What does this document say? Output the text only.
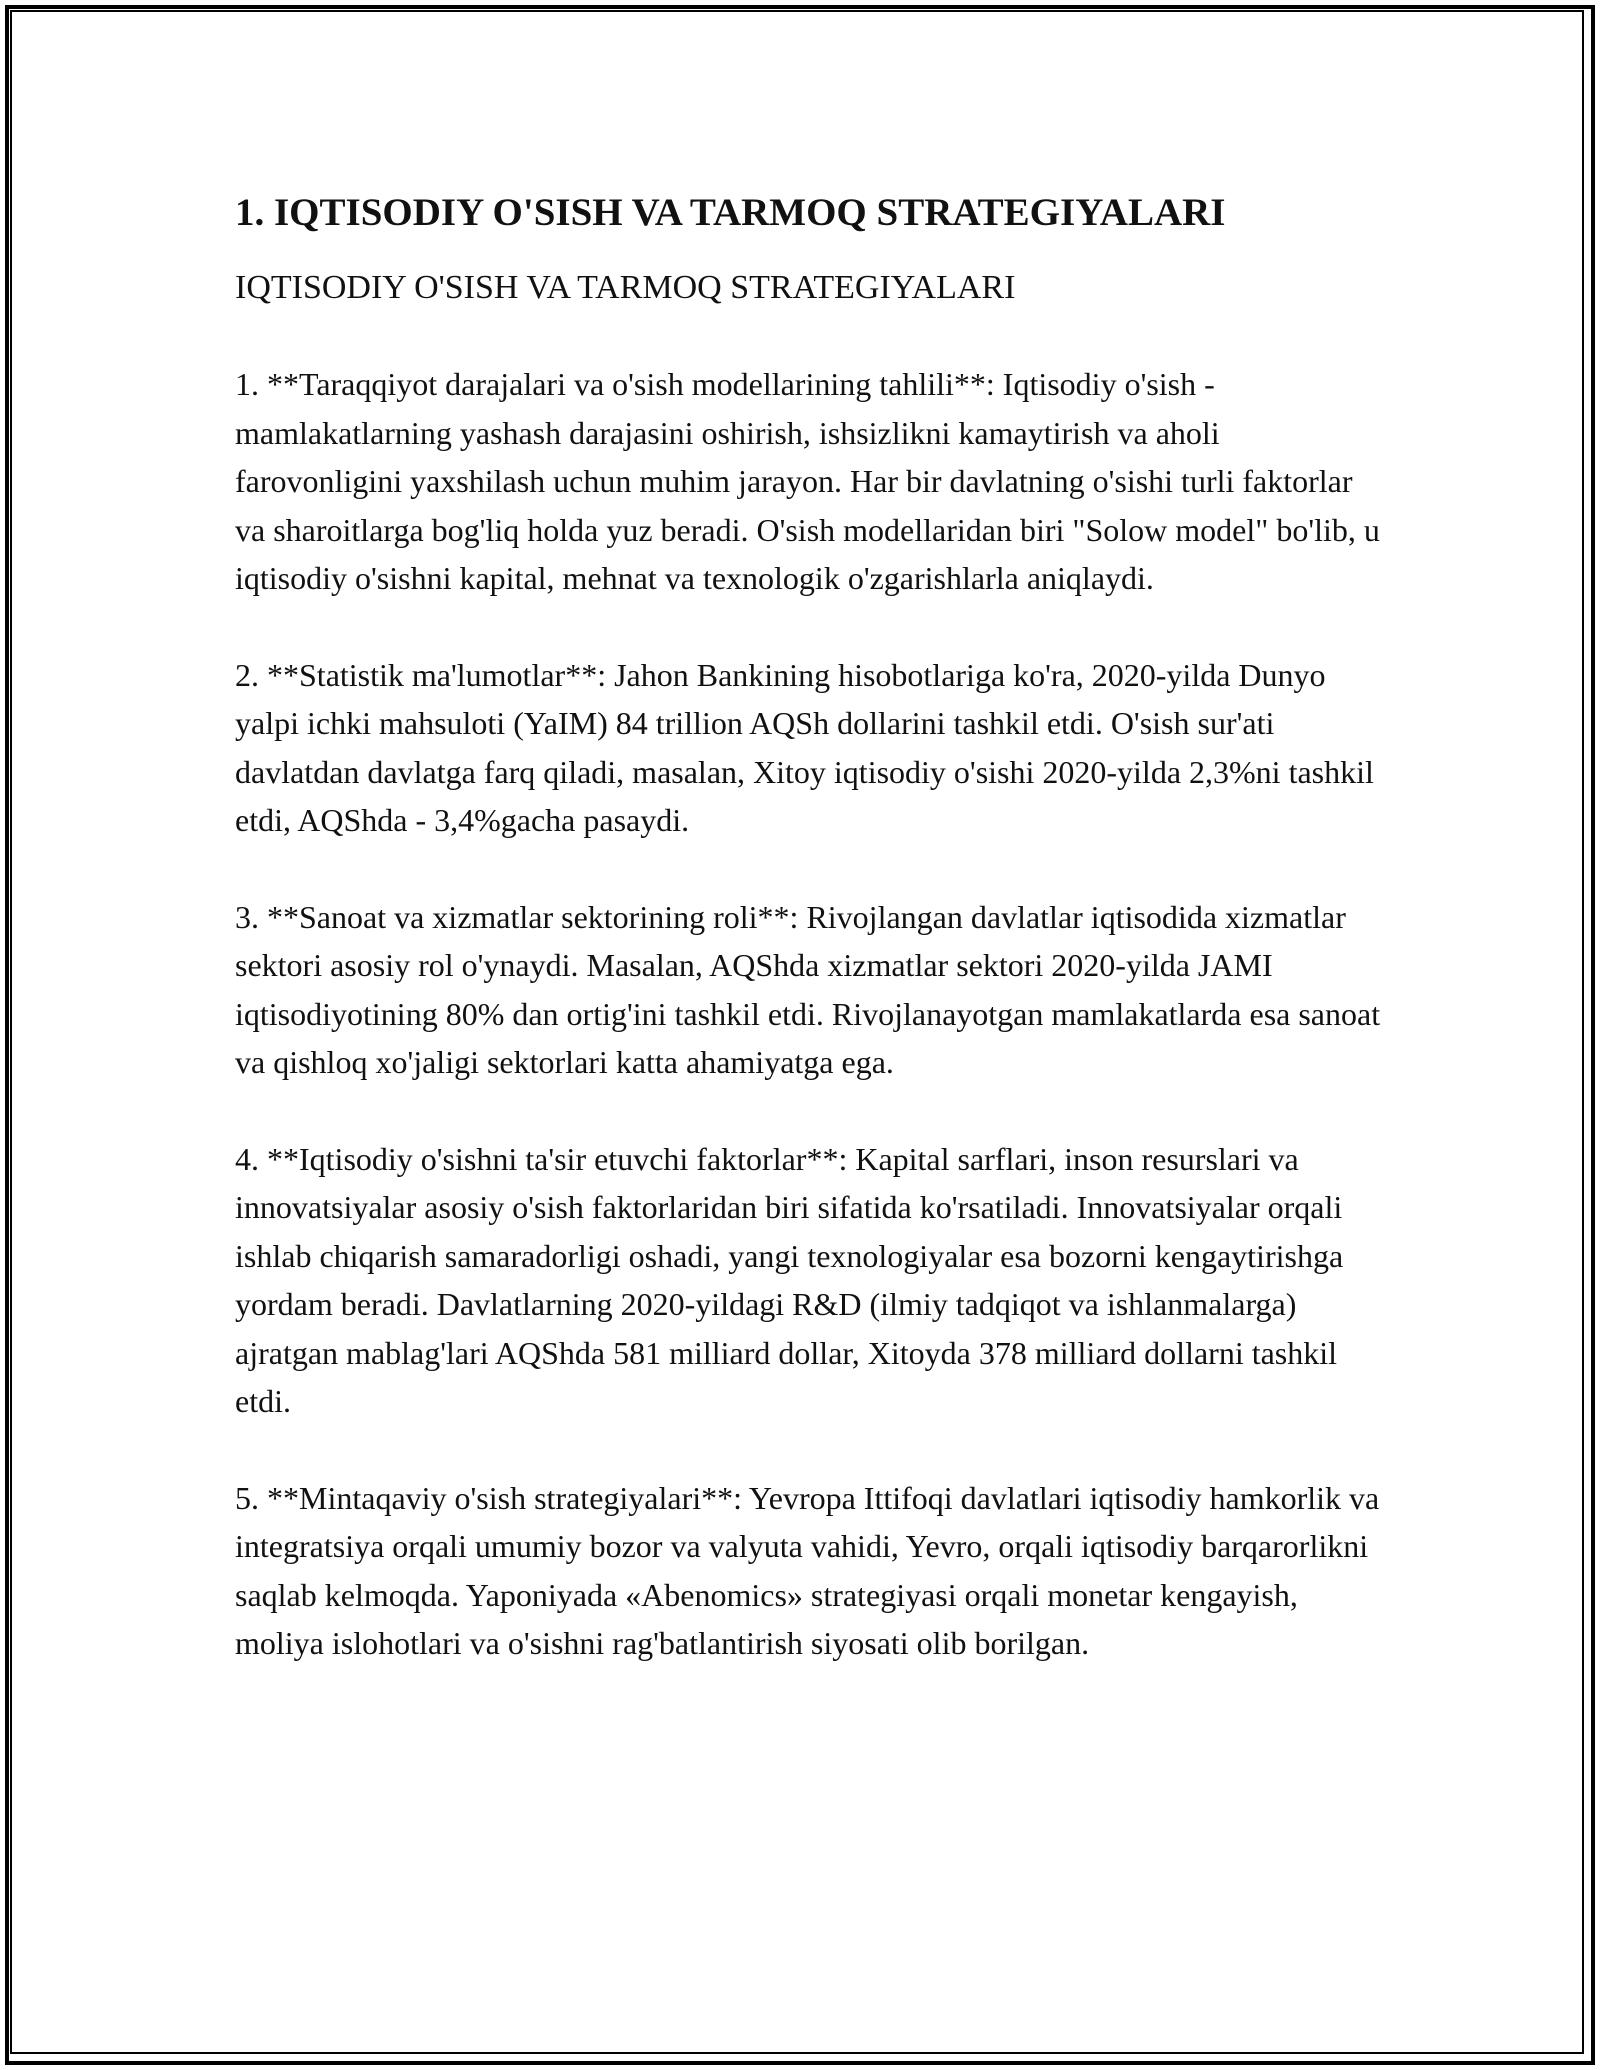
1. IQTISODIY O'SISH VA TARMOQ STRATEGIYALARI

IQTISODIY O'SISH VA TARMOQ STRATEGIYALARI

1. **Taraqqiyot darajalari va o'sish modellarining tahlili**: Iqtisodiy o'sish - mamlakatlarning yashash darajasini oshirish, ishsizlikni kamaytirish va aholi farovonligini yaxshilash uchun muhim jarayon. Har bir davlatning o'sishi turli faktorlar va sharoitlarga bog'liq holda yuz beradi. O'sish modellaridan biri "Solow model" bo'lib, u iqtisodiy o'sishni kapital, mehnat va texnologik o'zgarishlarla aniqlaydi.

2. **Statistik ma'lumotlar**: Jahon Bankining hisobotlariga ko'ra, 2020-yilda Dunyo yalpi ichki mahsuloti (YaIM) 84 trillion AQSh dollarini tashkil etdi. O'sish sur'ati davlatdan davlatga farq qiladi, masalan, Xitoy iqtisodiy o'sishi 2020-yilda 2,3%ni tashkil etdi, AQShda - 3,4%gacha pasaydi.

3. **Sanoat va xizmatlar sektorining roli**: Rivojlangan davlatlar iqtisodida xizmatlar sektori asosiy rol o'ynaydi. Masalan, AQShda xizmatlar sektori 2020-yilda JAMI iqtisodiyotining 80% dan ortig'ini tashkil etdi. Rivojlanayotgan mamlakatlarda esa sanoat va qishloq xo'jaligi sektorlari katta ahamiyatga ega.

4. **Iqtisodiy o'sishni ta'sir etuvchi faktorlar**: Kapital sarflari, inson resurslari va innovatsiyalar asosiy o'sish faktorlaridan biri sifatida ko'rsatiladi. Innovatsiyalar orqali ishlab chiqarish samaradorligi oshadi, yangi texnologiyalar esa bozorni kengaytirishga yordam beradi. Davlatlarning 2020-yildagi R&D (ilmiy tadqiqot va ishlanmalarga) ajratgan mablag'lari AQShda 581 milliard dollar, Xitoyda 378 milliard dollarni tashkil etdi.

5. **Mintaqaviy o'sish strategiyalari**: Yevropa Ittifoqi davlatlari iqtisodiy hamkorlik va integratsiya orqali umumiy bozor va valyuta vahidi, Yevro, orqali iqtisodiy barqarorlikni saqlab kelmoqda. Yaponiyada «Abenomics» strategiyasi orqali monetar kengayish, moliya islohotlari va o'sishni rag'batlantirish siyosati olib borilgan.
